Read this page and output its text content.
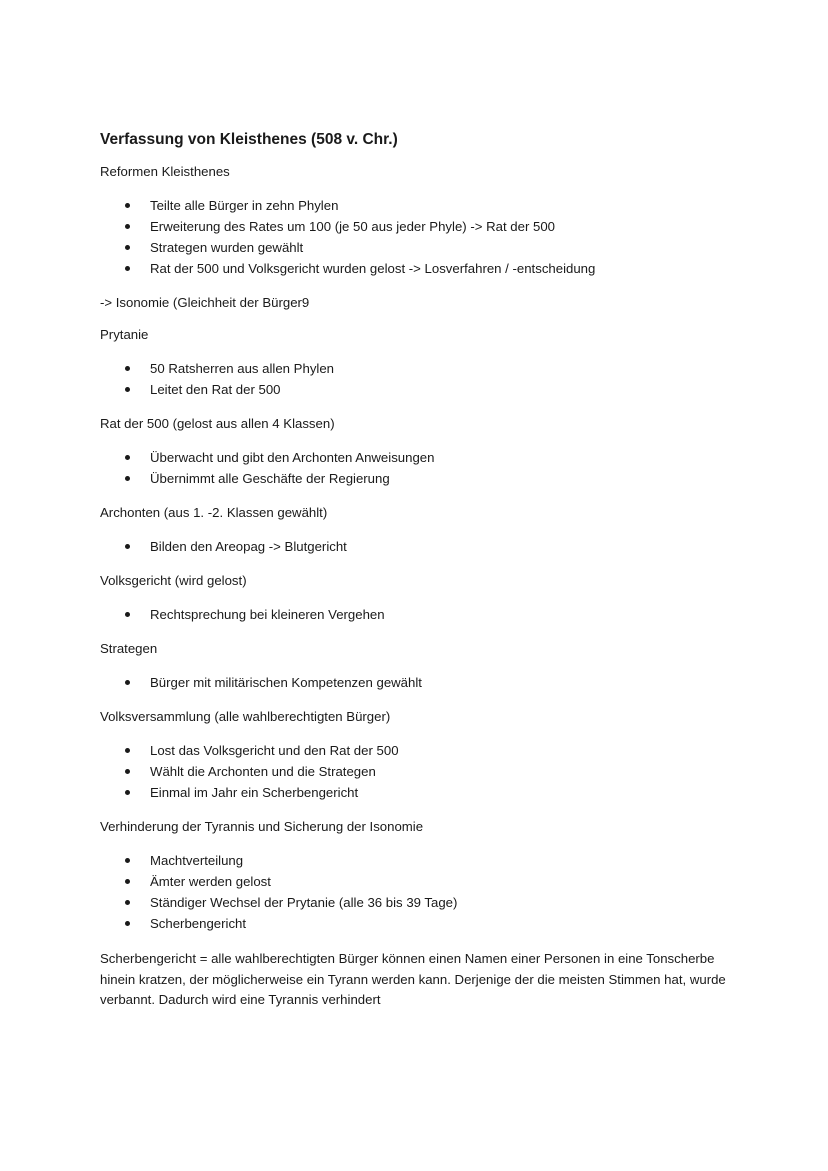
Verfassung von Kleisthenes (508 v. Chr.)

Reformen Kleisthenes

Teilte alle Bürger in zehn Phylen
Erweiterung des Rates um 100 (je 50 aus jeder Phyle) -> Rat der 500
Strategen wurden gewählt
Rat der 500 und Volksgericht wurden gelost -> Losverfahren / -entscheidung

-> Isonomie (Gleichheit der Bürger9

Prytanie

50 Ratsherren aus allen Phylen
Leitet den Rat der 500

Rat der 500 (gelost aus allen 4 Klassen)

Überwacht und gibt den Archonten Anweisungen
Übernimmt alle Geschäfte der Regierung

Archonten (aus 1. -2. Klassen gewählt)

Bilden den Areopag -> Blutgericht

Volksgericht (wird gelost)

Rechtsprechung bei kleineren Vergehen

Strategen

Bürger mit militärischen Kompetenzen gewählt

Volksversammlung (alle wahlberechtigten Bürger)

Lost das Volksgericht und den Rat der 500
Wählt die Archonten und die Strategen
Einmal im Jahr ein Scherbengericht

Verhinderung der Tyrannis und Sicherung der Isonomie

Machtverteilung
Ämter werden gelost
Ständiger Wechsel der Prytanie (alle 36 bis 39 Tage)
Scherbengericht

Scherbengericht = alle wahlberechtigten Bürger können einen Namen einer Personen in eine Tonscherbe hinein kratzen, der möglicherweise ein Tyrann werden kann. Derjenige der die meisten Stimmen hat, wurde verbannt. Dadurch wird eine Tyrannis verhindert
